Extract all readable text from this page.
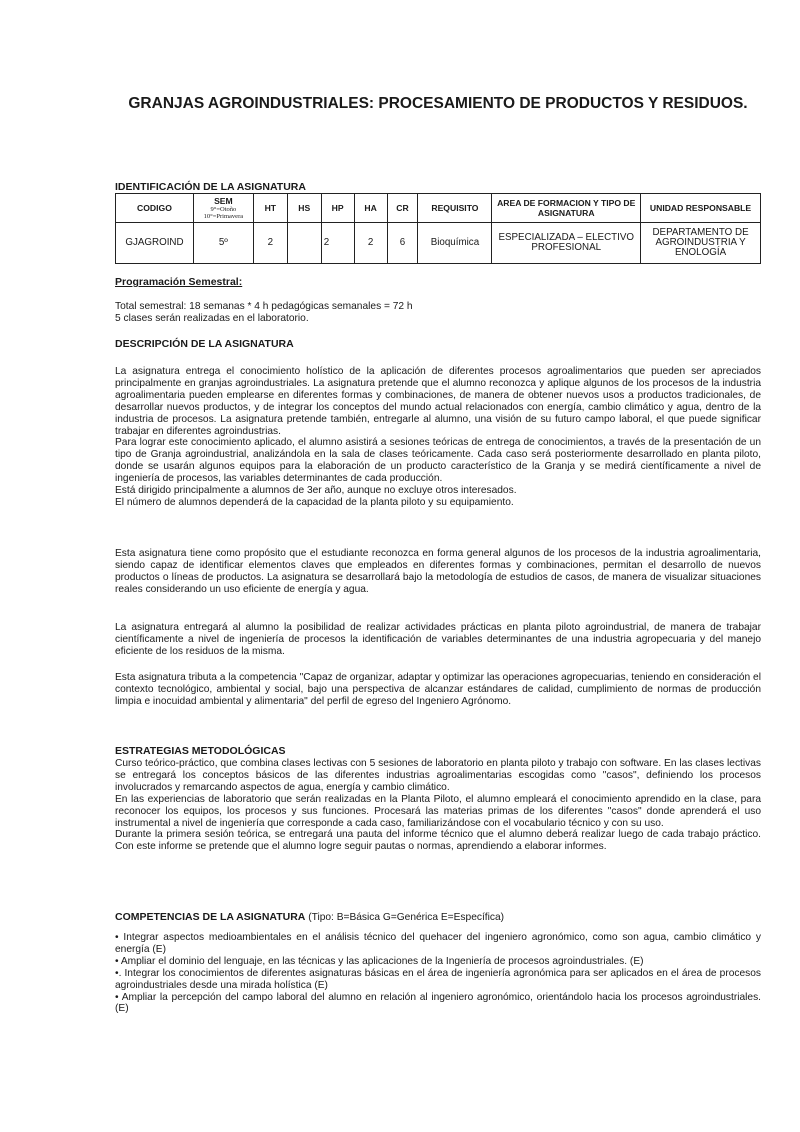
GRANJAS AGROINDUSTRIALES: PROCESAMIENTO DE PRODUCTOS Y RESIDUOS.
IDENTIFICACIÓN DE LA ASIGNATURA
CODIGO	SEM
9°=Otoño
10°=Primavera	HT	HS	HP	HA	CR	REQUISITO	AREA DE FORMACION Y TIPO DE ASIGNATURA	UNIDAD RESPONSABLE
GJAGROIND	5º	2		2	2	6	Bioquímica	ESPECIALIZADA – ELECTIVO PROFESIONAL	DEPARTAMENTO DE AGROINDUSTRIA Y ENOLOGÍA
Programación Semestral:
Total semestral: 18 semanas * 4 h pedagógicas semanales = 72 h
5 clases serán realizadas en el laboratorio.
DESCRIPCIÓN DE LA ASIGNATURA

La asignatura entrega el conocimiento holístico de la aplicación de diferentes procesos agroalimentarios que pueden ser apreciados principalmente en granjas agroindustriales. La asignatura pretende que el alumno reconozca y aplique algunos de los procesos de la industria agroalimentaria pueden emplearse en diferentes formas y combinaciones, de manera de obtener nuevos usos a productos tradicionales, de desarrollar nuevos productos, y de integrar los conceptos del mundo actual relacionados con energía, cambio climático y agua, dentro de la industria de procesos. La asignatura pretende también, entregarle al alumno, una visión de su futuro campo laboral, el que puede significar trabajar en diferentes agroindustrias.

Para lograr este conocimiento aplicado, el alumno asistirá a sesiones teóricas de entrega de conocimientos, a través de la presentación de un tipo de Granja agroindustrial, analizándola en la sala de clases teóricamente. Cada caso será posteriormente desarrollado en planta piloto, donde se usarán algunos equipos para la elaboración de un producto característico de la Granja y se medirá científicamente a nivel de ingeniería de procesos, las variables determinantes de cada producción.

Está dirigido principalmente a alumnos de 3er año, aunque no excluye otros interesados.

El número de alumnos dependerá de la capacidad de la planta piloto y su equipamiento.

Esta asignatura tiene como propósito que el estudiante reconozca en forma general algunos de los procesos de la industria agroalimentaria, siendo capaz de identificar elementos claves que empleados en diferentes formas y combinaciones, permitan el desarrollo de nuevos productos o líneas de productos. La asignatura se desarrollará bajo la metodología de estudios de casos, de manera de visualizar situaciones reales considerando un uso eficiente de energía y agua.

La asignatura entregará al alumno la posibilidad de realizar actividades prácticas en planta piloto agroindustrial, de manera de trabajar científicamente a nivel de ingeniería de procesos la identificación de variables determinantes de una industria agropecuaria y del manejo eficiente de los residuos de la misma.

Esta asignatura tributa a la competencia "Capaz de organizar, adaptar y optimizar las operaciones agropecuarias, teniendo en consideración el contexto tecnológico, ambiental y social, bajo una perspectiva de alcanzar estándares de calidad, cumplimiento de normas de producción limpia e inocuidad ambiental y alimentaria" del perfil de egreso del Ingeniero Agrónomo.

ESTRATEGIAS METODOLÓGICAS

Curso teórico-práctico, que combina clases lectivas con 5 sesiones de laboratorio en planta piloto y trabajo con software. En las clases lectivas se entregará los conceptos básicos de las diferentes industrias agroalimentarias escogidas como "casos", definiendo los procesos involucrados y remarcando aspectos de agua, energía y cambio climático.

En las experiencias de laboratorio que serán realizadas en la Planta Piloto, el alumno empleará el conocimiento aprendido en la clase, para reconocer los equipos, los procesos y sus funciones. Procesará las materias primas de los diferentes "casos" donde aprenderá el uso instrumental a nivel de ingeniería que corresponde a cada caso, familiarizándose con el vocabulario técnico y con su uso.

Durante la primera sesión teórica, se entregará una pauta del informe técnico que el alumno deberá realizar luego de cada trabajo práctico. Con este informe se pretende que el alumno logre seguir pautas o normas, aprendiendo a elaborar informes.

COMPETENCIAS DE LA ASIGNATURA (Tipo: B=Básica G=Genérica E=Específica)

• Integrar aspectos medioambientales en el análisis técnico del quehacer del ingeniero agronómico, como son agua, cambio climático y energía (E)

• Ampliar el dominio del lenguaje, en las técnicas y las aplicaciones de la Ingeniería de procesos agroindustriales. (E)

•. Integrar los conocimientos de diferentes asignaturas básicas en el área de ingeniería agronómica para ser aplicados en el área de procesos agroindustriales desde una mirada holística (E)

• Ampliar la percepción del campo laboral del alumno en relación al ingeniero agronómico, orientándolo hacia los procesos agroindustriales. (E)
